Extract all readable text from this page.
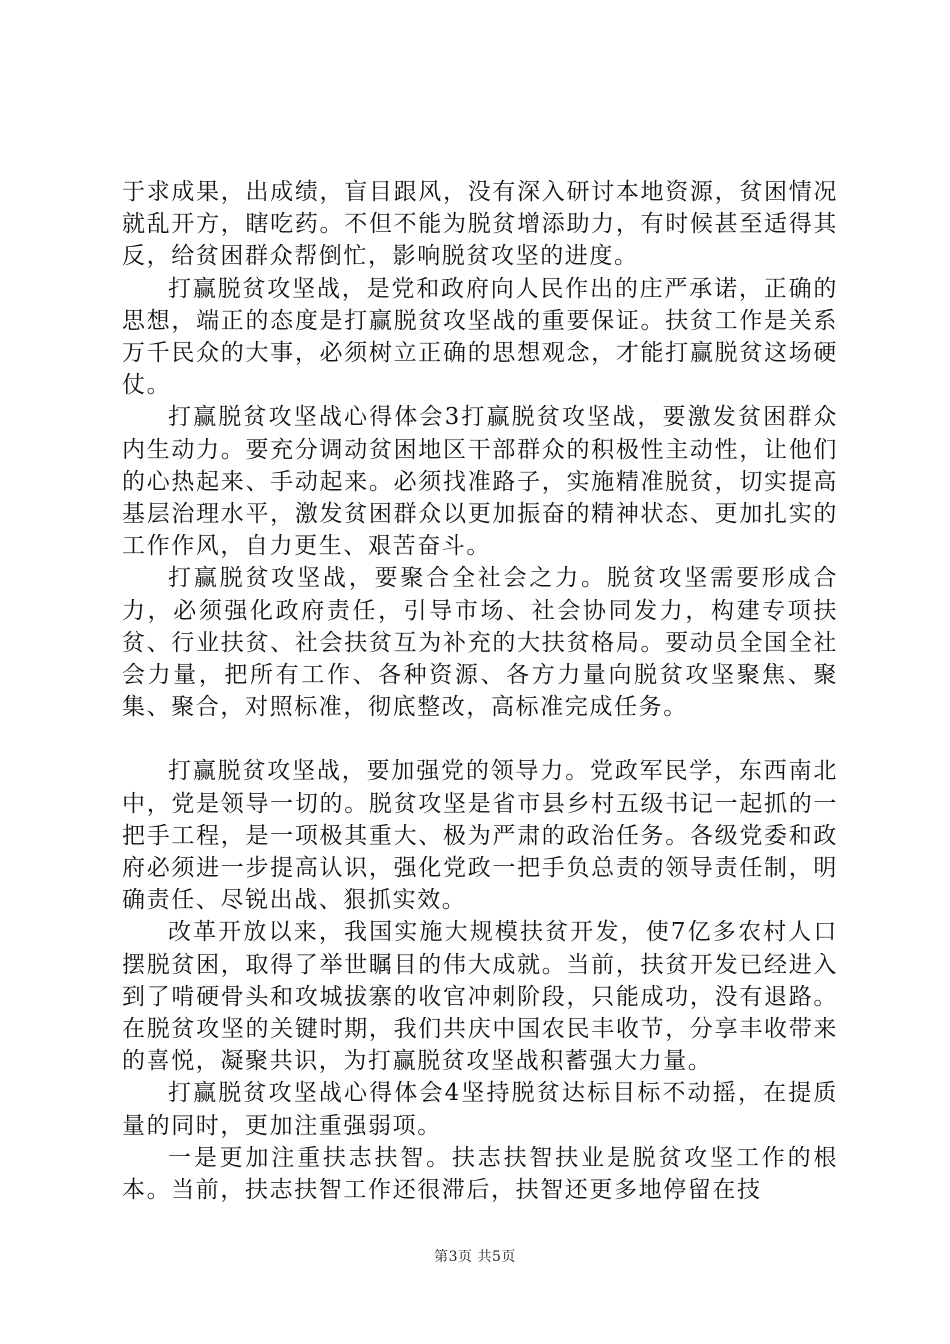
于求成果，出成绩，盲目跟风，没有深入研讨本地资源，贫困情况就乱开方，瞎吃药。不但不能为脱贫增添助力，有时候甚至适得其反，给贫困群众帮倒忙，影响脱贫攻坚的进度。

打赢脱贫攻坚战，是党和政府向人民作出的庄严承诺，正确的思想，端正的态度是打赢脱贫攻坚战的重要保证。扶贫工作是关系万千民众的大事，必须树立正确的思想观念，才能打赢脱贫这场硬仗。

打赢脱贫攻坚战心得体会3打赢脱贫攻坚战，要激发贫困群众内生动力。要充分调动贫困地区干部群众的积极性主动性，让他们的心热起来、手动起来。必须找准路子，实施精准脱贫，切实提高基层治理水平，激发贫困群众以更加振奋的精神状态、更加扎实的工作作风，自力更生、艰苦奋斗。

打赢脱贫攻坚战，要聚合全社会之力。脱贫攻坚需要形成合力，必须强化政府责任，引导市场、社会协同发力，构建专项扶贫、行业扶贫、社会扶贫互为补充的大扶贫格局。要动员全国全社会力量，把所有工作、各种资源、各方力量向脱贫攻坚聚焦、聚集、聚合，对照标准，彻底整改，高标准完成任务。

打赢脱贫攻坚战，要加强党的领导力。党政军民学，东西南北中，党是领导一切的。脱贫攻坚是省市县乡村五级书记一起抓的一把手工程，是一项极其重大、极为严肃的政治任务。各级党委和政府必须进一步提高认识，强化党政一把手负总责的领导责任制，明确责任、尽锐出战、狠抓实效。

改革开放以来，我国实施大规模扶贫开发，使7亿多农村人口摆脱贫困，取得了举世瞩目的伟大成就。当前，扶贫开发已经进入到了啃硬骨头和攻城拔寨的收官冲刺阶段，只能成功，没有退路。在脱贫攻坚的关键时期，我们共庆中国农民丰收节，分享丰收带来的喜悦，凝聚共识，为打赢脱贫攻坚战积蓄强大力量。

打赢脱贫攻坚战心得体会4坚持脱贫达标目标不动摇，在提质量的同时，更加注重强弱项。

一是更加注重扶志扶智。扶志扶智扶业是脱贫攻坚工作的根本。当前，扶志扶智工作还很滞后，扶智还更多地停留在技

第3页 共5页
